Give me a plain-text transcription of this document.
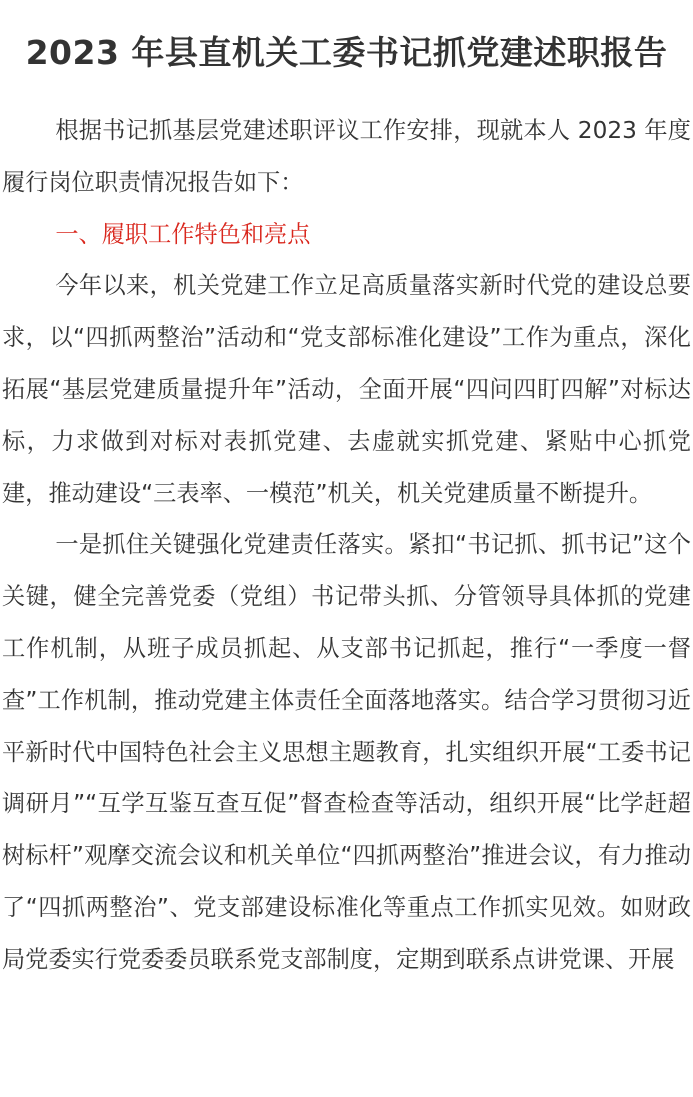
2023 年县直机关工委书记抓党建述职报告

根据书记抓基层党建述职评议工作安排，现就本人 2023 年度履行岗位职责情况报告如下：

一、履职工作特色和亮点

今年以来，机关党建工作立足高质量落实新时代党的建设总要求，以“四抓两整治”活动和“党支部标准化建设”工作为重点，深化拓展“基层党建质量提升年”活动，全面开展“四问四盯四解”对标达标，力求做到对标对表抓党建、去虚就实抓党建、紧贴中心抓党建，推动建设“三表率、一模范”机关，机关党建质量不断提升。

一是抓住关键强化党建责任落实。紧扣“书记抓、抓书记”这个关键，健全完善党委（党组）书记带头抓、分管领导具体抓的党建工作机制，从班子成员抓起、从支部书记抓起，推行“一季度一督查”工作机制，推动党建主体责任全面落地落实。结合学习贯彻习近平新时代中国特色社会主义思想主题教育，扎实组织开展“工委书记调研月”“互学互鉴互查互促”督查检查等活动，组织开展“比学赶超树标杆”观摩交流会议和机关单位“四抓两整治”推进会议，有力推动了“四抓两整治”、党支部建设标准化等重点工作抓实见效。如财政局党委实行党委委员联系党支部制度，定期到联系点讲党课、开展
